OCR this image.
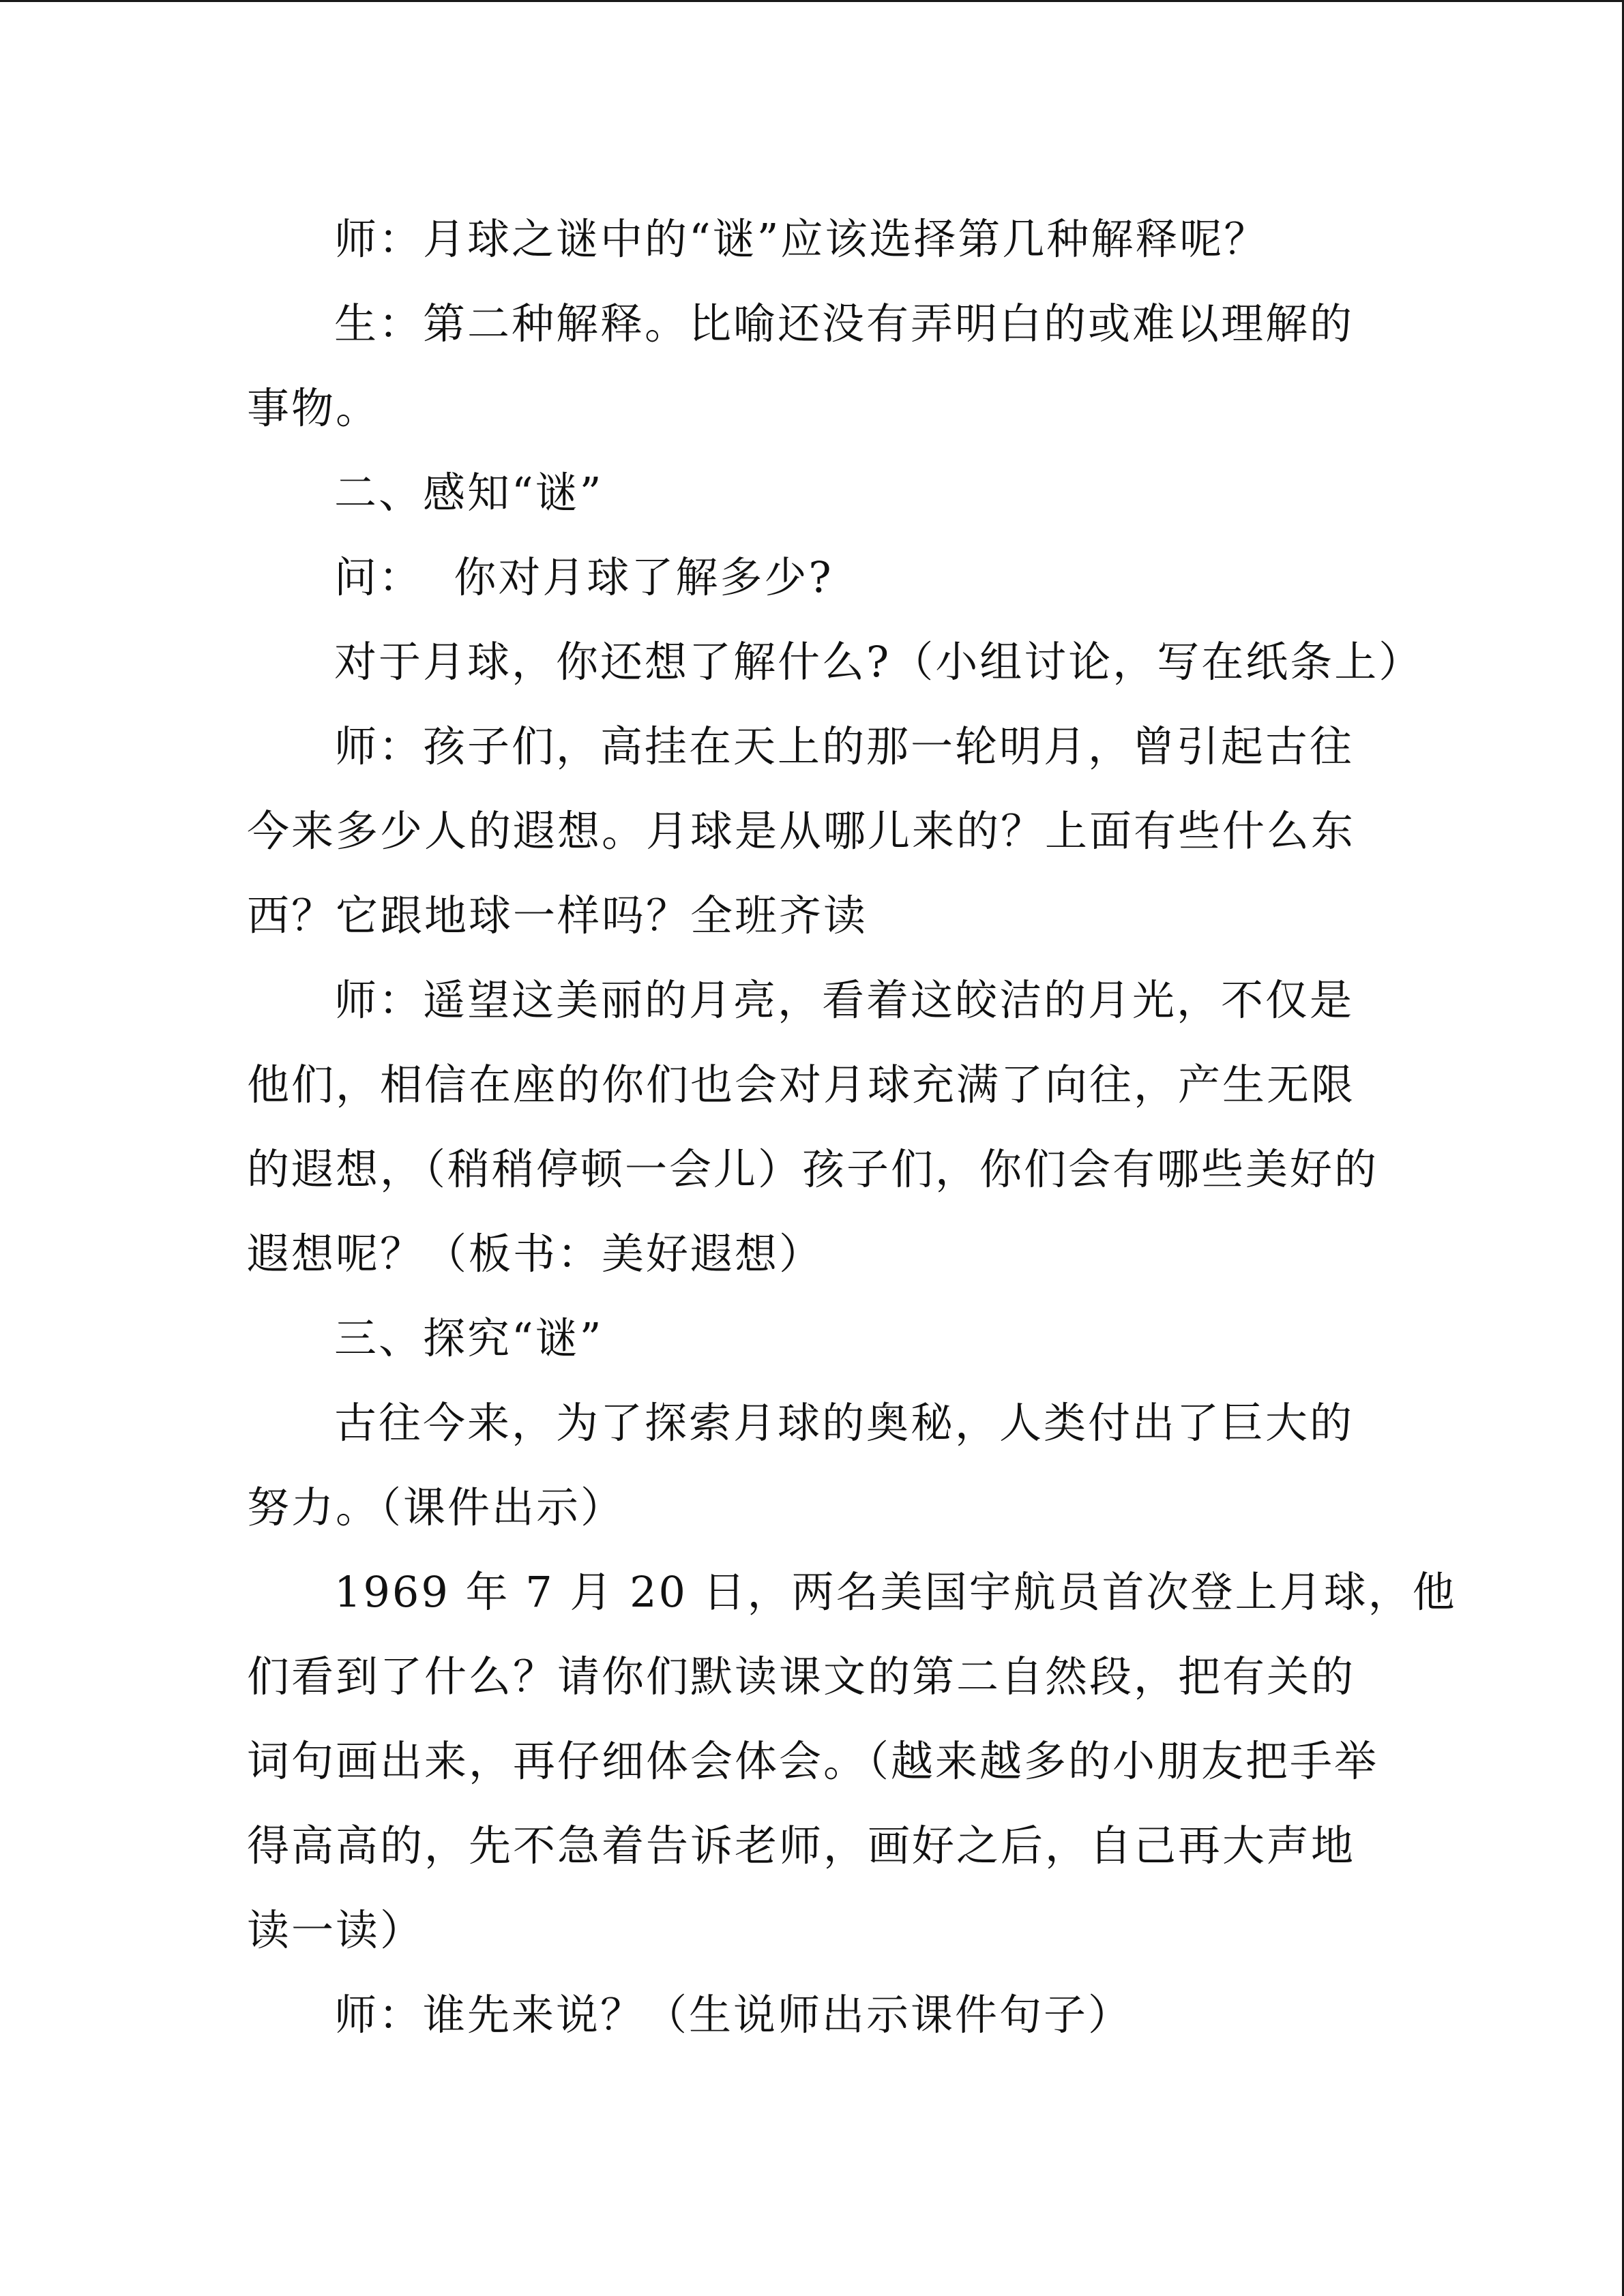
师：月球之谜中的“谜”应该选择第几种解释呢？

生：第二种解释。比喻还没有弄明白的或难以理解的
事物。

二、感知“谜”

问：  你对月球了解多少?

对于月球，你还想了解什么?（小组讨论，写在纸条上）

师：孩子们，高挂在天上的那一轮明月，曾引起古往
今来多少人的遐想。月球是从哪儿来的？上面有些什么东
西？它跟地球一样吗？全班齐读

师：遥望这美丽的月亮，看着这皎洁的月光，不仅是
他们，相信在座的你们也会对月球充满了向往，产生无限
的遐想，（稍稍停顿一会儿）孩子们，你们会有哪些美好的
遐想呢？（板书：美好遐想）

三、探究“谜”

古往今来，为了探索月球的奥秘，人类付出了巨大的
努力。（课件出示）

1969 年 7 月 20 日，两名美国宇航员首次登上月球，他
们看到了什么？请你们默读课文的第二自然段，把有关的
词句画出来，再仔细体会体会。（越来越多的小朋友把手举
得高高的，先不急着告诉老师，画好之后，自己再大声地
读一读）

师：谁先来说？（生说师出示课件句子）
